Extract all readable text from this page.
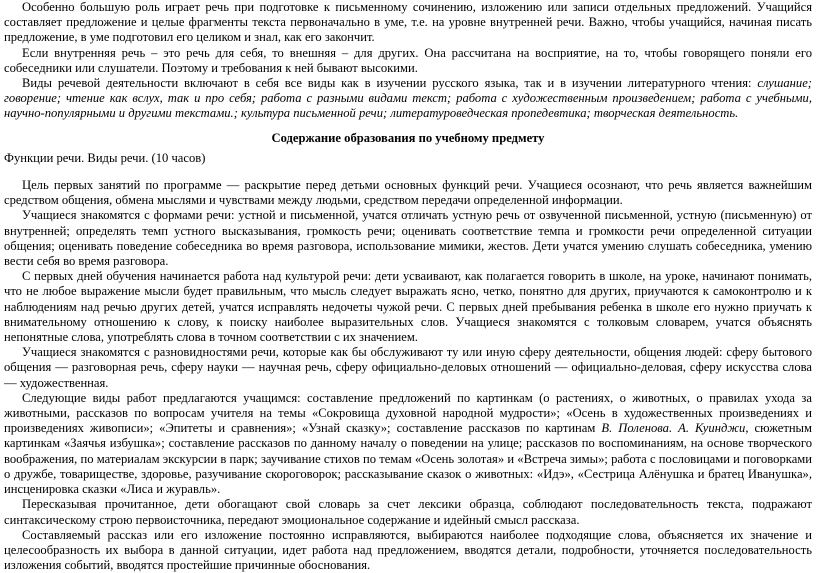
Особенно большую роль играет речь при подготовке к письменному сочинению, изложению или записи отдельных предложений. Учащийся составляет предложение и целые фрагменты текста первоначально в уме, т.е. на уровне внутренней речи. Важно, чтобы учащийся, начиная писать предложение, в уме подготовил его целиком и знал, как его закончит.

Если внутренняя речь – это речь для себя, то внешняя – для других. Она рассчитана на восприятие, на то, чтобы говорящего поняли его собеседники или слушатели. Поэтому и требования к ней бывают высокими.

Виды речевой деятельности включают в себя все виды как в изучении русского языка, так и в изучении литературного чтения: слушание; говорение; чтение как вслух, так и про себя; работа с разными видами текст; работа с художественным произведением; работа с учебными, научно-популярными и другими текстами.; культура письменной речи; литературоведческая пропедевтика; творческая деятельность.

Содержание образования по учебному предмету

Функции речи. Виды речи. (10 часов)

Цель первых занятий по программе — раскрытие перед детьми основных функций речи. Учащиеся осознают, что речь является важнейшим средством общения, обмена мыслями и чувствами между людьми, средством передачи определенной информации.

Учащиеся знакомятся с формами речи: устной и письменной, учатся отличать устную речь от озвученной письменной, устную (письменную) от внутренней; определять темп устного высказывания, громкость речи; оценивать соответствие темпа и громкости речи определенной ситуации общения; оценивать поведение собеседника во время разговора, использование мимики, жестов. Дети учатся умению слушать собеседника, умению вести себя во время разговора.

С первых дней обучения начинается работа над культурой речи: дети усваивают, как полагается говорить в школе, на уроке, начинают понимать, что не любое выражение мысли будет правильным, что мысль следует выражать ясно, четко, понятно для других, приучаются к самоконтролю и к наблюдениям над речью других детей, учатся исправлять недочеты чужой речи. С первых дней пребывания ребенка в школе его нужно приучать к внимательному отношению к слову, к поиску наиболее выразительных слов. Учащиеся знакомятся с толковым словарем, учатся объяснять непонятные слова, употреблять слова в точном соответствии с их значением.

Учащиеся знакомятся с разновидностями речи, которые как бы обслуживают ту или иную сферу деятельности, общения людей: сферу бытового общения — разговорная речь, сферу науки — научная речь, сферу официально-деловых отношений — официально-деловая, сферу искусства слова — художественная.

Следующие виды работ предлагаются учащимся: составление предложений по картинкам (о растениях, о животных, о правилах ухода за животными, рассказов по вопросам учителя на темы «Сокровища духовной народной мудрости»; «Осень в художественных произведениях и произведениях живописи»; «Эпитеты и сравнения»; «Узнай сказку»; составление рассказов по картинам В. Поленова. А. Куинджи, сюжетным картинкам «Заячья избушка»; составление рассказов по данному началу о поведении на улице; рассказов по воспоминаниям, на основе творческого воображения, по материалам экскурсии в парк; заучивание стихов по темам «Осень золотая» и «Встреча зимы»; работа с пословицами и поговорками о дружбе, товариществе, здоровье, разучивание скороговорок; рассказывание сказок о животных: «Идэ», «Сестрица Алёнушка и братец Иванушка», инсценировка сказки «Лиса и журавль».

Пересказывая прочитанное, дети обогащают свой словарь за счет лексики образца, соблюдают последовательность текста, подражают синтаксическому строю первоисточника, передают эмоциональное содержание и идейный смысл рассказа.

Составляемый рассказ или его изложение постоянно исправляются, выбираются наиболее подходящие слова, объясняется их значение и целесообразность их выбора в данной ситуации, идет работа над предложением, вводятся детали, подробности, уточняется последовательность изложения событий, вводятся простейшие причинные обоснования.
